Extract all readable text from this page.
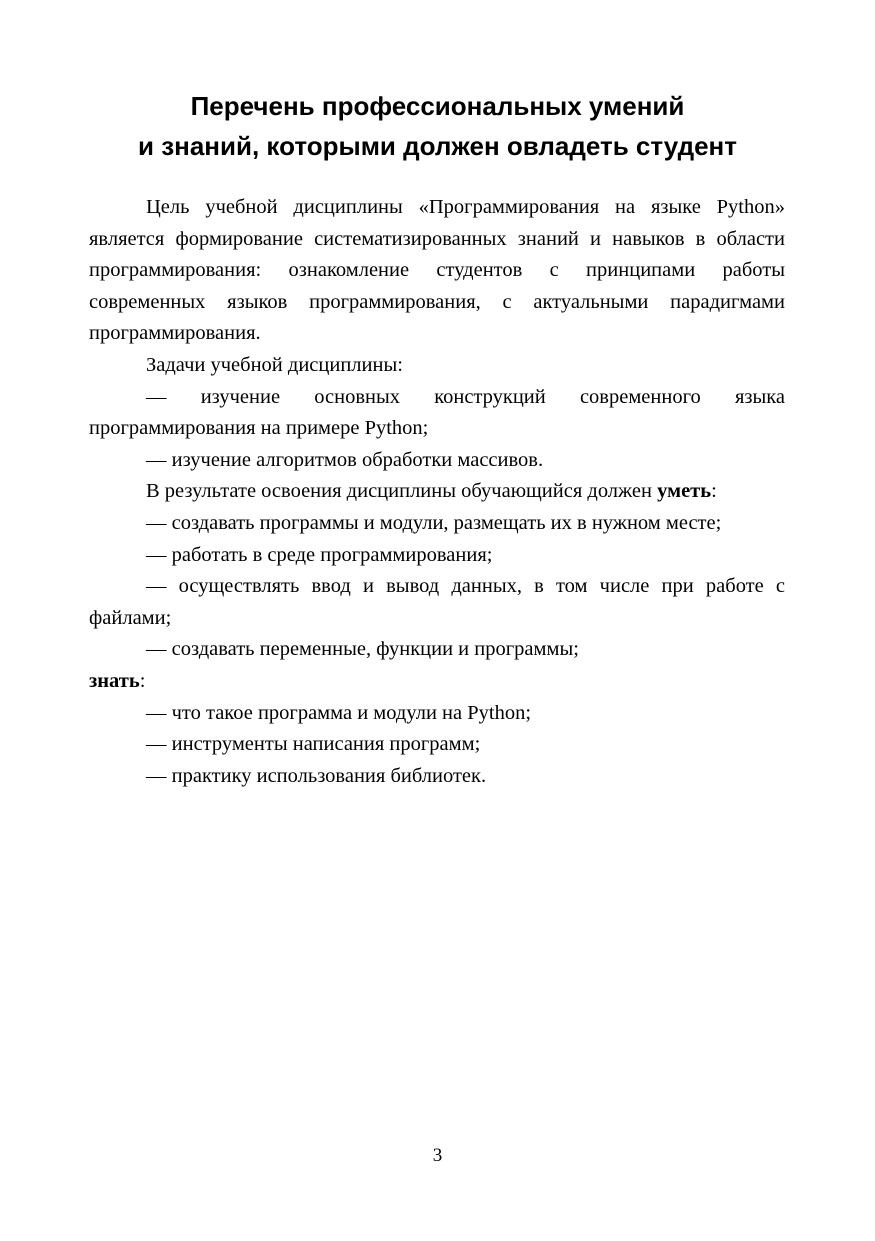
Перечень профессиональных умений
и знаний, которыми должен овладеть студент

Цель учебной дисциплины «Программирования на языке Python» является формирование систематизированных знаний и навыков в области программирования: ознакомление студентов с принципами работы современных языков программирования, с актуальными парадигмами программирования.

Задачи учебной дисциплины:

— изучение основных конструкций современного языка программирования на примере Python;

— изучение алгоритмов обработки массивов.

В результате освоения дисциплины обучающийся должен уметь:

— создавать программы и модули, размещать их в нужном месте;

— работать в среде программирования;

— осуществлять ввод и вывод данных, в том числе при работе с файлами;

— создавать переменные, функции и программы;

знать:

— что такое программа и модули на Python;

— инструменты написания программ;

— практику использования библиотек.

3
